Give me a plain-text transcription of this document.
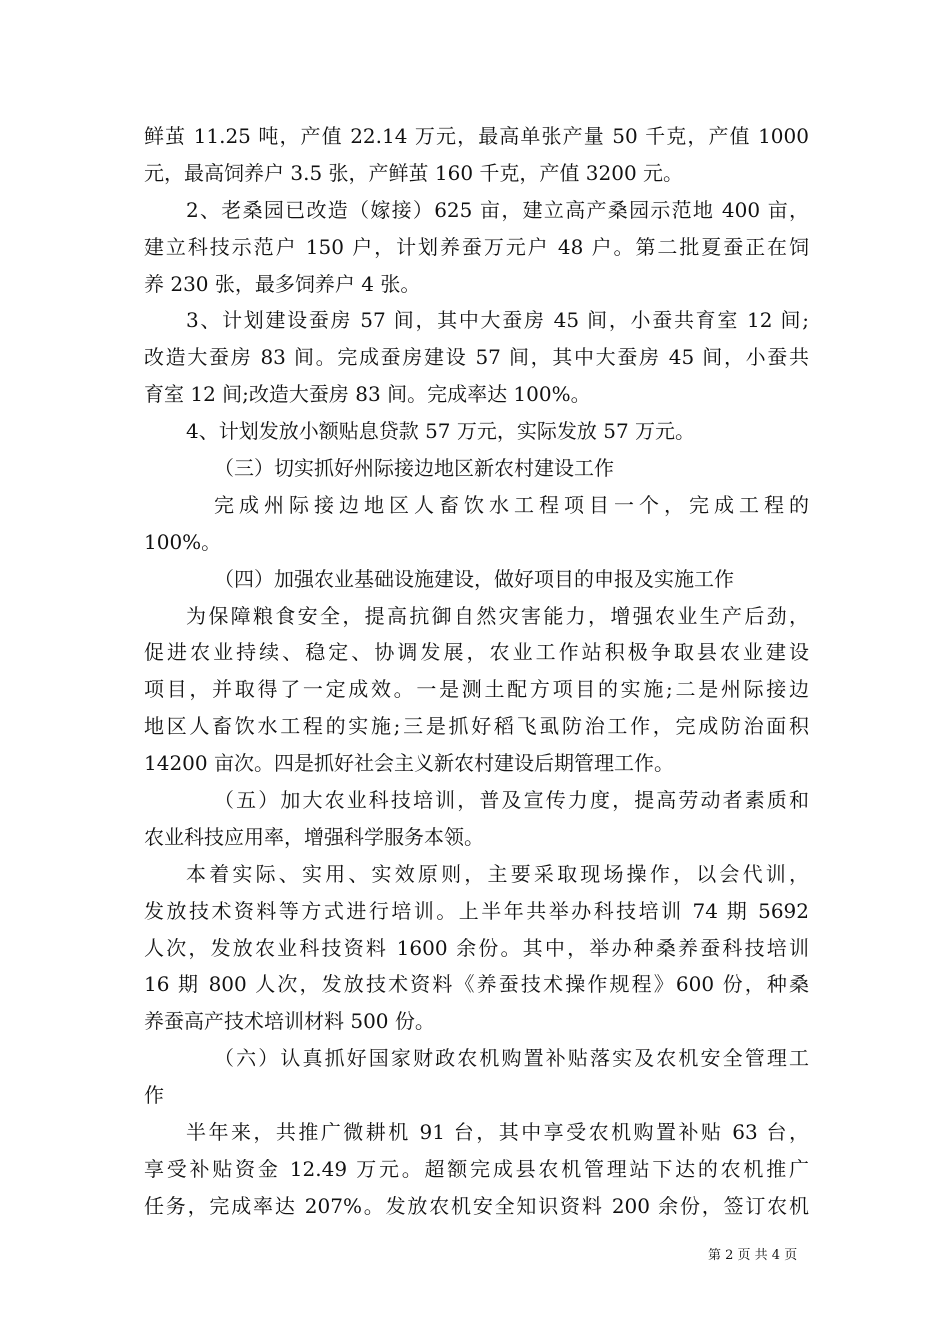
鲜茧 11.25 吨，产值 22.14 万元，最高单张产量 50 千克，产值 1000
元，最高饲养户 3.5 张，产鲜茧 160 千克，产值 3200 元。
2、老桑园已改造（嫁接）625 亩，建立高产桑园示范地 400 亩，
建立科技示范户 150 户，计划养蚕万元户 48 户。第二批夏蚕正在饲
养 230 张，最多饲养户 4 张。
3、计划建设蚕房 57 间，其中大蚕房 45 间，小蚕共育室 12 间;
改造大蚕房 83 间。完成蚕房建设 57 间，其中大蚕房 45 间，小蚕共
育室 12 间;改造大蚕房 83 间。完成率达 100%。
4、计划发放小额贴息贷款 57 万元，实际发放 57 万元。
（三）切实抓好州际接边地区新农村建设工作
完成州际接边地区人畜饮水工程项目一个，完成工程的
100%。
（四）加强农业基础设施建设，做好项目的申报及实施工作
为保障粮食安全，提高抗御自然灾害能力，增强农业生产后劲，
促进农业持续、稳定、协调发展，农业工作站积极争取县农业建设
项目，并取得了一定成效。一是测土配方项目的实施;二是州际接边
地区人畜饮水工程的实施;三是抓好稻飞虱防治工作，完成防治面积
14200 亩次。四是抓好社会主义新农村建设后期管理工作。
（五）加大农业科技培训，普及宣传力度，提高劳动者素质和
农业科技应用率，增强科学服务本领。
本着实际、实用、实效原则，主要采取现场操作，以会代训，
发放技术资料等方式进行培训。上半年共举办科技培训 74 期 5692
人次，发放农业科技资料 1600 余份。其中，举办种桑养蚕科技培训
16 期 800 人次，发放技术资料《养蚕技术操作规程》600 份，种桑
养蚕高产技术培训材料 500 份。
（六）认真抓好国家财政农机购置补贴落实及农机安全管理工
作
半年来，共推广微耕机 91 台，其中享受农机购置补贴 63 台，
享受补贴资金 12.49 万元。超额完成县农机管理站下达的农机推广
任务，完成率达 207%。发放农机安全知识资料 200 余份，签订农机
第 2 页 共 4 页
